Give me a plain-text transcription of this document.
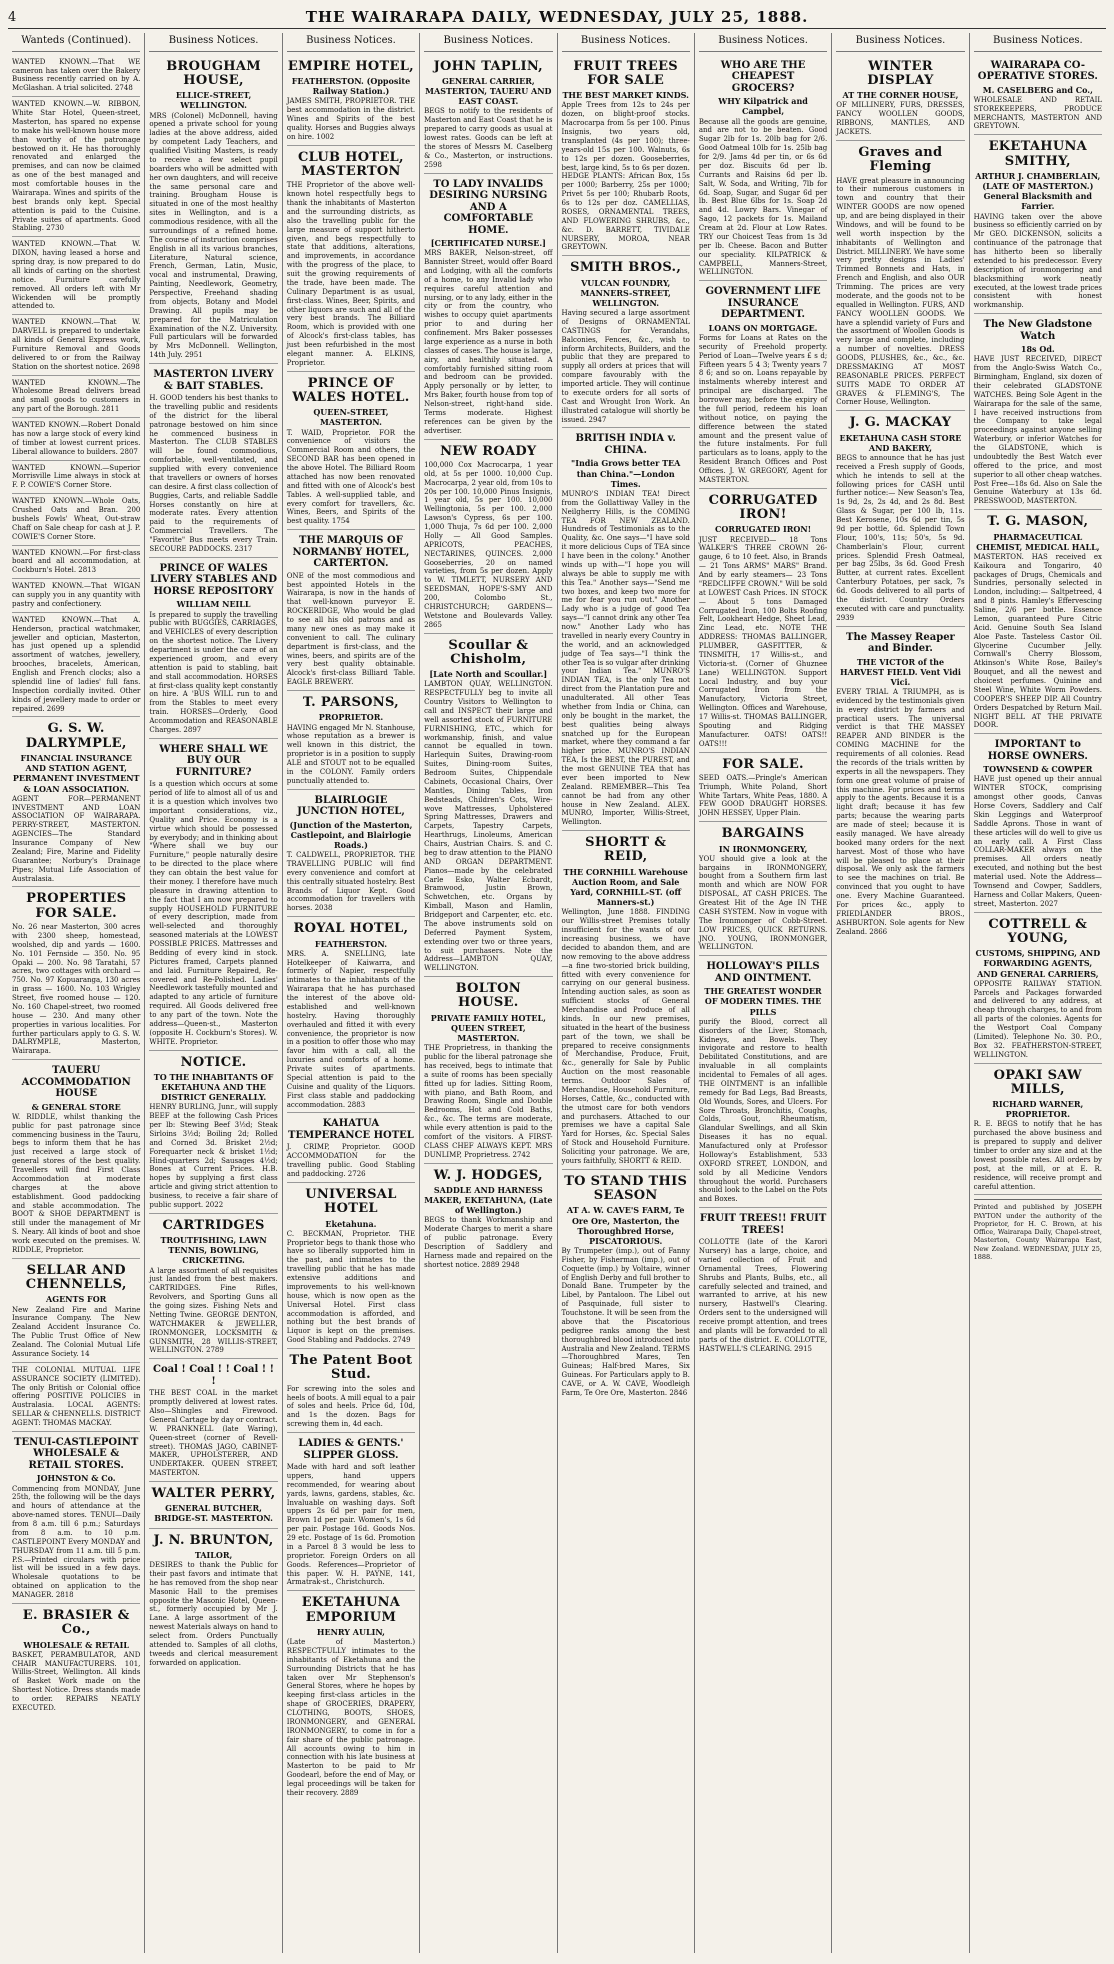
4	THE WAIRARAPA DAILY, WEDNESDAY, JULY 25, 1888.
Wanteds (Continued).

WANTED KNOWN.—That WE cameron has taken over the Bakery Business recently carried on by A. McGlashan. A trial solicited. 2748

WANTED KNOWN.—W. RIBBON, White Star Hotel, Queen-street, Masterton, has spared no expense to make his well-known house more than worthy of the patronage bestowed on it. He has thoroughly renovated and enlarged the premises, and can now be claimed as one of the best managed and most comfortable houses in the Wairarapa. Wines and spirits of the best brands only kept. Special attention is paid to the Cuisine. Private suites of apartments. Good Stabling. 2730

WANTED KNOWN.—That W. DIXON, having leased a horse and spring dray, is now prepared to do all kinds of carting on the shortest notice. Furniture carefully removed. All orders left with Mr Wickenden will be promptly attended to.

WANTED KNOWN.—That W. DARVELL is prepared to undertake all kinds of General Express work, Furniture Removal and Goods delivered to or from the Railway Station on the shortest notice. 2698

WANTED KNOWN.—The Wholesome Bread delivers bread and small goods to customers in any part of the Borough. 2811

WANTED KNOWN.—Robert Donald has now a large stock of every kind of timber at lowest current prices. Liberal allowance to builders. 2807

WANTED KNOWN.—Superior Morrisville Lime always in stock at F. P. COWIE'S Corner Store.

WANTED KNOWN.—Whole Oats, Crushed Oats and Bran. 200 bushels Fowls' Wheat, Out-straw Chaff on Sale cheap for cash at J. P. COWIE'S Corner Store.

WANTED KNOWN.—For first-class board and all accommodation, at Cockburn's Hotel. 2813

WANTED KNOWN.—That WIGAN can supply you in any quantity with pastry and confectionery.

WANTED KNOWN.—That A. Henderson, practical watchmaker, jeweller and optician, Masterton, has just opened up a splendid assortment of watches, jewellery, brooches, bracelets, American, English and French clocks; also a splendid line of ladies' full fans. Inspection cordially invited. Other kinds of jewellery made to order or repaired. 2699

G. S. W. DALRYMPLE,
FINANCIAL INSURANCE AND STATION AGENT, PERMANENT INVESTMENT & LOAN ASSOCIATION.

AGENT FOR—PERMANENT INVESTMENT AND LOAN ASSOCIATION OF WAIRARAPA. PERRY-STREET, MASTERTON. AGENCIES—The Standard Insurance Company of New Zealand; Fire, Marine and Fidelity Guarantee; Norbury's Drainage Pipes; Mutual Life Association of Australasia.

PROPERTIES FOR SALE.

No. 26 near Masterton, 300 acres with 2300 sheep, homestead, woolshed, dip and yards — 1600. No. 101 Fernside — 350. No. 95 Opaki — 200. No. 98 Taratahi, 57 acres, two cottages with orchard — 750. No. 97 Kopuaranga, 130 acres in grass — 1600. No. 103 Wrigley Street, five roomed house — 120. No. 160 Chapel-street, two roomed house — 230. And many other properties in various localities. For further particulars apply to G. S. W. DALRYMPLE, Masterton, Wairarapa.

TAUERU ACCOMMODATION HOUSE
& GENERAL STORE

W. RIDDLE, whilst thanking the public for past patronage since commencing business in the Tauru, begs to inform them that he has just received a large stock of general stores of the best quality. Travellers will find First Class Accommodation at moderate charges at the above establishment. Good paddocking and stable accommodation. The BOOT & SHOE DEPARTMENT is still under the management of Mr S. Neary. All kinds of boot and shoe work executed on the premises. W. RIDDLE, Proprietor.

SELLAR AND CHENNELLS,
AGENTS FOR

New Zealand Fire and Marine Insurance Company. The New Zealand Accident Insurance Co. The Public Trust Office of New Zealand. The Colonial Mutual Life Assurance Society. 14

THE COLONIAL MUTUAL LIFE ASSURANCE SOCIETY (LIMITED). The only British or Colonial office offering POSITIVE POLICIES in Australasia. LOCAL AGENTS: SELLAR & CHENNELLS. DISTRICT AGENT: THOMAS MACKAY.

TENUI-CASTLEPOINT WHOLESALE & RETAIL STORES.
JOHNSTON & Co.

Commencing from MONDAY, June 25th, the following will be the days and hours of attendance at the above-named stores. TENUI—Daily from 8 a.m. till 6 p.m.; Saturdays from 8 a.m. to 10 p.m. CASTLEPOINT Every MONDAY and THURSDAY from 11 a.m. till 5 p.m. P.S.—Printed circulars with price list will be issued in a few days. Wholesale quotations to be obtained on application to the MANAGER. 2818

E. BRASIER & Co.,
WHOLESALE & RETAIL

BASKET, PERAMBULATOR, AND CHAIR MANUFACTURERS. 101, Willis-Street, Wellington. All kinds of Basket Work made on the Shortest Notice. Dress stands made to order. REPAIRS NEATLY EXECUTED.

Business Notices.
BROUGHAM HOUSE,
ELLICE-STREET, WELLINGTON.

MRS (Colonel) McDonnell, having opened a private school for young ladies at the above address, aided by competent Lady Teachers, and qualified Visiting Masters, is ready to receive a few select pupil boarders who will be admitted with her own daughters, and will receive the same personal care and training. Brougham House is situated in one of the most healthy sites in Wellington, and is a commodious residence, with all the surroundings of a refined home. The course of instruction comprises English in all its various branches, Literature, Natural science, French, German, Latin, Music, vocal and instrumental, Drawing, Painting, Needlework, Geometry, Perspective, Freehand shading from objects, Botany and Model Drawing. All pupils may be prepared for the Matriculation Examination of the N.Z. University. Full particulars will be forwarded by Mrs McDonnell. Wellington, 14th July. 2951

MASTERTON LIVERY & BAIT STABLES.

H. GOOD tenders his best thanks to the travelling public and residents of the district for the liberal patronage bestowed on him since he commenced business in Masterton. The CLUB STABLES will be found commodious, comfortable, well-ventilated, and supplied with every convenience that travellers or owners of horses can desire. A first class collection of Buggies, Carts, and reliable Saddle Horses constantly on hire at moderate rates. Every attention paid to the requirements of Commercial Travellers. The "Favorite" Bus meets every Train. SECOURE PADDOCKS. 2317

PRINCE OF WALES LIVERY STABLES AND HORSE REPOSITORY
WILLIAM NEILL

Is prepared to supply the travelling public with BUGGIES, CARRIAGES, and VEHICLES of every description on the shortest notice. The Livery department is under the care of an experienced groom, and every attention is paid to stabling, bait and stall accommodation. HORSES at first-class quality kept constantly on hire. A 'BUS WILL run to and from the Stables to meet every train. HORSES—Orderly, Good Accommodation and REASONABLE Charges. 2897

WHERE SHALL WE BUY OUR FURNITURE?

Is a question which occurs at some period of life to almost all of us and it is a question which involves two important considerations, viz., Quality and Price. Economy is a virtue which should be possessed by everybody; and in thinking about "Where shall we buy our Furniture," people naturally desire to be directed to the place where they can obtain the best value for their money. I therefore have much pleasure in drawing attention to the fact that I am now prepared to supply HOUSEHOLD FURNITURE of every description, made from well-selected and thoroughly seasoned materials at the LOWEST POSSIBLE PRICES. Mattresses and Bedding of every kind in stock. Pictures framed, Carpets planned and laid. Furniture Repaired, Re-covered and Re-Polished. Ladies' Needlework tastefully mounted and adapted to any article of furniture required. All Goods delivered free to any part of the town. Note the address—Queen-st., Masterton (opposite H. Cockburn's Stores). W. WHITE. Proprietor.

NOTICE.
TO THE INHABITANTS OF EKETAHUNA AND THE DISTRICT GENERALLY.

HENRY BURLING, Junr., will supply BEEF at the following Cash Prices per lb: Stewing Beef 3½d; Steak Sirloins 3½d; Boiling 2d; Rolled and Corned 3d. Brisket 2½d; Forequarter neck & brisket 1½d; Hind-quarters 2d; Sausages 4½d; Bones at Current Prices. H.B. hopes by supplying a first class article and giving strict attention to business, to receive a fair share of public support. 2022

CARTRIDGES
TROUTFISHING, LAWN TENNIS, BOWLING, CRICKETING.

A large assortment of all requisites just landed from the best makers. CARTRIDGES. Fine Rifles, Revolvers, and Sporting Guns all the going sizes. Fishing Nets and Netting Twine. GEORGE DENTON, WATCHMAKER & JEWELLER, IRONMONGER, LOCKSMITH & GUNSMITH, 28 WILLIS-STREET, WELLINGTON. 2789

Coal ! Coal ! ! Coal ! ! !

THE BEST COAL in the market promptly delivered at lowest rates. Also—Shingles and Firewood. General Cartage by day or contract. W. PRANKNELL (late Waring), Queen-street (corner of Revell-street). THOMAS JAGO, CABINET-MAKER, UPHOLSTERER, AND UNDERTAKER. QUEEN STREET, MASTERTON.

WALTER PERRY,
GENERAL BUTCHER, BRIDGE-ST. MASTERTON.
J. N. BRUNTON,
TAILOR,

DESIRES to thank the Public for their past favors and intimate that he has removed from the shop near Masonic Hall to the premises opposite the Masonic Hotel, Queen-st., formerly occupied by Mr J. Lane. A large assortment of the newest Materials always on hand to select from. Orders Punctually attended to. Samples of all cloths, tweeds and clerical measurement forwarded on application.

Business Notices.
EMPIRE HOTEL,
FEATHERSTON. (Opposite Railway Station.)

JAMES SMITH, PROPRIETOR. THE best accommodation in the district. Wines and Spirits of the best quality. Horses and Buggies always on hire. 1002

CLUB HOTEL, MASTERTON

THE Proprietor of the above well-known hotel respectfully begs to thank the inhabitants of Masterton and the surrounding districts, as also the travelling public for the large measure of support hitherto given, and begs respectfully to state that additions, alterations, and improvements, in accordance with the progress of the place, to suit the growing requirements of the trade, have been made. The Culinary Department is as usual, first-class. Wines, Beer, Spirits, and other liquors are such and all of the very best brands. The Billiard Room, which is provided with one of Alcock's first-class tables, has just been refurbished in the most elegant manner. A. ELKINS, Proprietor.

PRINCE OF WALES HOTEL.
QUEEN-STREET, MASTERTON.

T. WAID, Proprietor. FOR the convenience of visitors the Commercial Room and others, the SECOND BAR has been opened in the above Hotel. The Billiard Room attached has now been renovated and fitted with one of Alcock's best Tables. A well-supplied table, and every comfort for travellers, &c. Wines, Beers, and Spirits of the best quality. 1754

THE MARQUIS OF NORMANBY HOTEL, CARTERTON.

ONE of the most commodious and best appointed Hotels in the Wairarapa, is now in the hands of that well-known purveyor E. ROCKERIDGE, Who would be glad to see all his old patrons and as many new ones as may make it convenient to call. The culinary department is first-class, and the wines, beers, and spirits are of the very best quality obtainable. Alcock's first-class Billiard Table. EAGLE BREWERY.

T. PARSONS,
PROPRIETOR.

HAVING engaged Mr N. Stanhouse, whose reputation as a brewer is well known in this district, the proprietor is in a position to supply ALE and STOUT not to be equalled in the COLONY. Family orders punctually attended to.

BLAIRLOGIE JUNCTION HOTEL,
(Junction of the Masterton, Castlepoint, and Blairlogie Roads.)

T. CALDWELL, PROPRIETOR. THE TRAVELLING PUBLIC will find every convenience and comfort at this centrally situated hostelry. Best Brands of Liquor Kept. Good accommodation for travellers with horses. 2038

ROYAL HOTEL,
FEATHERSTON.

MRS. A. SNELLING, late Hotelkeeper of Kaiwarra, and formerly of Napier, respectfully intimates to the inhabitants of the Wairarapa that he has purchased the interest of the above old-established and well-known hostelry. Having thoroughly overhauled and fitted it with every convenience, the proprietor is now in a position to offer those who may favor him with a call, all the luxuries and comforts of a home. Private suites of apartments. Special attention is paid to the Cuisine and quality of the Liquors. First class stable and paddocking accommodation. 2883

KAHATUA TEMPERANCE HOTEL

J. CRIMP, Proprietor. GOOD ACCOMMODATION for the travelling public. Good Stabling and paddocking. 2726

UNIVERSAL HOTEL
Eketahuna.

C. BECKMAN, Proprietor. THE Proprietor begs to thank those who have so liberally supported him in the past, and intimates to the travelling public that he has made extensive additions and improvements to his well-known house, which is now open as the Universal Hotel. First class accommodation is afforded, and nothing but the best brands of Liquor is kept on the premises. Good Stabling and Paddocks. 2749

The Patent Boot Stud.

For screwing into the soles and heels of boots. A mill equal to a pair of soles and heels. Price 6d, 10d, and 1s the dozen. Bags for screwing them in, 4d each.

LADIES & GENTS.' SLIPPER GLOSS.

Made with hard and soft leather uppers, hand uppers recommended, for wearing about yards, lawns, gardens, stables, &c. Invaluable on washing days. Soft uppers 2s 6d per pair for men, Brown 1d per pair. Women's, 1s 6d per pair. Postage 16d. Goods Nos. 29 etc. Postage of 1s 6d. Promotion in a Parcel 8 3 would be less to proprietor. Foreign Orders on all Goods. References—Proprietor of this paper. W. H. PAYNE, 141, Armatrak-st., Christchurch.

EKETAHUNA EMPORIUM
HENRY AULIN,

(Late of Masterton.) RESPECTFULLY intimates to the inhabitants of Eketahuna and the Surrounding Districts that he has taken over Mr Stephenson's General Stores, where he hopes by keeping first-class articles in the shape of GROCERIES, DRAPERY, CLOTHING, BOOTS, SHOES, IRONMONGERY, and GENERAL IRONMONGERY, to come in for a fair share of the public patronage. All accounts owing to him in connection with his late business at Masterton to be paid to Mr Goodearl, before the end of May, or legal proceedings will be taken for their recovery. 2889

Business Notices.
JOHN TAPLIN,
GENERAL CARRIER, MASTERTON, TAUERU AND EAST COAST.

BEGS to notify to the residents of Masterton and East Coast that he is prepared to carry goods as usual at lowest rates. Goods can be left at the stores of Messrs M. Caselberg & Co., Masterton, or instructions. 2598

TO LADY INVALIDS DESIRING NURSING AND A COMFORTABLE HOME.
[CERTIFICATED NURSE.]

MRS BAKER, Nelson-street, off Bannister Street, would offer Board and Lodging, with all the comforts of a home, to any Invalid lady who requires careful attention and nursing, or to any lady, either in the city or from the country, who wishes to occupy quiet apartments prior to and during her confinement. Mrs Baker possesses large experience as a nurse in both classes of cases. The house is large, airy, and healthily situated. A comfortably furnished sitting room and bedroom can be provided. Apply personally or by letter, to Mrs Baker, fourth house from top of Nelson-street, right-hand side. Terms moderate. Highest references can be given by the advertiser.

NEW ROADY

100,000 Cox Macrocarpa, 1 year old, at 5s per 1000. 10,000 Cup. Macrocarpa, 2 year old, from 10s to 20s per 100. 10,000 Pinus Insignis, 1 year old, 5s per 100. 10,000 Wellingtonia, 5s per 100. 2,000 Lawson's Cypress, 6s per 100. 1,000 Thuja, 7s 6d per 100. 2,000 Holly — All Good Samples. APRICOTS, PEACHES, NECTARINES, QUINCES. 2,000 Gooseberries, 20 on named varieties, from 5s per dozen. Apply to W. TIMLETT, NURSERY AND SEEDSMAN, HOPE'S-SMY AND 200, Colombo St., CHRISTCHURCH; GARDENS—Wetstone and Boulevards Valley. 2865

Scoullar & Chisholm,
[Late North and Scoullar.]

LAMBTON QUAY, WELLINGTON. RESPECTFULLY beg to invite all Country Visitors to Wellington to call and INSPECT their large and well assorted stock of FURNITURE FURNISHING, ETC., which for workmanship, finish, and value cannot be equalled in town. Harlequin Suites, Drawing-room Suites, Dining-room Suites, Bedroom Suites, Chippendale Cabinets, Occasional Chairs, Over Mantles, Dining Tables, Iron Bedsteads, Children's Cots, Wire-wove Mattresses, Upholstered Spring Mattresses, Drawers and Carpets, Tapestry Carpets, Hearthrugs, Linoleums, American Chairs, Austrian Chairs. S. and C. beg to draw attention to the PIANO AND ORGAN DEPARTMENT. Pianos—made by the celebrated Carle Esko, Walter Ecbardt, Bramwood, Justin Brown, Schwetchen, etc. Organs by Kimball, Mason and Hamlin, Bridgeport and Carpenter, etc. etc. The above instruments sold on Deferred Payment System, extending over two or three years, to suit purchasers. Note the Address—LAMBTON QUAY, WELLINGTON.

BOLTON HOUSE.
PRIVATE FAMILY HOTEL, QUEEN STREET, MASTERTON.

THE Proprietress, in thanking the public for the liberal patronage she has received, begs to intimate that a suite of rooms has been specially fitted up for ladies. Sitting Room, with piano, and Bath Room, and Drawing Room, Single and Double Bedrooms, Hot and Cold Baths, &c., &c. The terms are moderate, while every attention is paid to the comfort of the visitors. A FIRST-CLASS CHEF ALWAYS KEPT. MRS DUNLIMP, Proprietress. 2742

W. J. HODGES,
SADDLE AND HARNESS MAKER, EKETAHUNA, (Late of Wellington.)

BEGS to thank Workmanship and Moderate Charges to merit a share of public patronage. Every Description of Saddlery and Harness made and repaired on the shortest notice. 2889 2948

Business Notices.
FRUIT TREES FOR SALE
THE BEST MARKET KINDS.

Apple Trees from 12s to 24s per dozen, on blight-proof stocks. Macrocarpa from 5s per 100. Pinus Insignis, two years old, transplanted (4s per 100); three-years-old 15s per 100. Walnuts, 6s to 12s per dozen. Gooseberries, best, large kind, 5s to 6s per dozen. HEDGE PLANTS: African Box, 15s per 1000; Barberry, 25s per 1000; Privet 5s per 100; Rhubarb Roots, 6s to 12s per doz. CAMELLIAS, ROSES, ORNAMENTAL TREES, AND FLOWERING SHRUBS, &c., &c. D. BARRETT, TIVIDALE NURSERY, MOROA, NEAR GREYTOWN.

SMITH BROS.,
VULCAN FOUNDRY, MANNERS-STREET, WELLINGTON.

Having secured a large assortment of Designs of ORNAMENTAL CASTINGS for Verandahs, Balconies, Fences, &c., wish to inform Architects, Builders, and the public that they are prepared to supply all orders at prices that will compare favourably with the imported article. They will continue to execute orders for all sorts of Cast and Wrought Iron Work. An illustrated catalogue will shortly be issued. 2947

BRITISH INDIA v. CHINA.
"India Grows better TEA than China."—London Times.

MUNRO'S INDIAN TEA! Direct from the Gollattiway Valley in the Neilgherry Hills, is the COMING TEA FOR NEW ZEALAND. Hundreds of Testimonials as to the Quality, &c. One says—"I have sold it more delicious Cups of TEA since I have been in the colony." Another winds up with—"I hope you will always be able to supply me with this Tea." Another says—"Send me two boxes, and keep two more for me for fear you run out." Another Lady who is a judge of good Tea says—"I cannot drink any other Tea now." Another Lady who has travelled in nearly every Country in the world, and an acknowledged judge of Tea says—"I think the other Tea is so vulgar after drinking your Indian Tea." MUNRO'S INDIAN TEA, is the only Tea not direct from the Plantation pure and unadulterated. All other Teas whether from India or China, can only be bought in the market, the best qualities being always snatched up for the European market, where they command a far higher price. MUNRO'S INDIAN TEA, Is the BEST, the PUREST, and the most GENUINE TEA that has ever been imported to New Zealand. REMEMBER—This Tea cannot be had from any other house in New Zealand. ALEX. MUNRO, Importer, Willis-Street, Wellington.

SHORTT & REID,
THE CORNHILL Warehouse Auction Room, and Sale Yard, CORNHILL-ST. (off Manners-st.)

Wellington, June 1888. FINDING our Willis-street Premises totally insufficient for the wants of our increasing business, we have decided to abandon them, and are now removing to the above address—a fine two-storied brick building, fitted with every convenience for carrying on our general business. Intending auction sales, as soon as sufficient stocks of General Merchandise and Produce of all kinds. In our new premises, situated in the heart of the business part of the town, we shall be prepared to receive consignments of Merchandise, Produce, Fruit, &c., generally for Sale by Public Auction on the most reasonable terms. Outdoor Sales of Merchandise, Household Furniture, Horses, Cattle, &c., conducted with the utmost care for both vendors and purchasers. Attached to our premises we have a capital Sale Yard for Horses, &c. Special Sales of Stock and Household Furniture. Soliciting your patronage. We are, yours faithfully, SHORTT & REID.

TO STAND THIS SEASON
AT A. W. CAVE'S FARM, Te Ore Ore, Masterton, the Thoroughbred Horse, PISCATORIOUS.

By Trumpeter (imp.), out of Fanny Fisher, by Fisherman (imp.), out of Coquette (imp.) by Voltaire, winner of English Derby and full brother to Donald Bane. Trumpeter by the Libel, by Pantaloon. The Libel out of Pasquinade, full sister to Touchstone. It will be seen from the above that the Piscatorious pedigree ranks among the best thoroughbred blood introduced into Australia and New Zealand. TERMS—Thoroughbred Mares, Ten Guineas; Half-bred Mares, Six Guineas. For Particulars apply to B. CAVE, or A. W. CAVE, Woodleigh Farm, Te Ore Ore, Masterton. 2846

Business Notices.
WHO ARE THE CHEAPEST GROCERS?
WHY Kilpatrick and Campbel,

Because all the goods are genuine, and are not to be beaten. Good Sugar 2lb for 1s. 20lb bag for 2/6. Good Oatmeal 10lb for 1s. 25lb bag for 2/9. Jams 4d per tin, or 6s 6d per doz. Biscuits 6d per lb. Currants and Raisins 6d per lb. Salt, W. Soda, and Writing, 7lb for 6d. Soap, Sugar, and Sugar 6d per lb. Best Blue 6lbs for 1s. Soap 2d and 4d. Lowry Bars. Vinegar of Sago, 12 packets for 1s. Mailand Cream at 2d. Flour at Low Rates. TRY our Choicest Teas from 1s 3d per lb. Cheese. Bacon and Butter our speciality. KILPATRICK & CAMPBELL, Manners-Street, WELLINGTON.

GOVERNMENT LIFE INSURANCE DEPARTMENT.
LOANS ON MORTGAGE.

Forms for Loans at Rates on the security of Freehold property. Period of Loan—Twelve years £ s d; Fifteen years 5 4 3; Twenty years 7 8 6; and so on. Loans repayable by instalments whereby interest and principal are discharged. The borrower may, before the expiry of the full period, redeem his loan without notice, on paying the difference between the stated amount and the present value of the future instalments. For full particulars as to loans, apply to the Resident Branch Offices and Post Offices. J. W. GREGORY, Agent for MASTERTON.

CORRUGATED IRON!
CORRUGATED IRON!

JUST RECEIVED— 18 Tons WALKER'S THREE CROWN 26-gauge, 6 to 10 feet. Also, in Brands— 21 Tons ARMS" MARS" Brand. And by early steamers— 23 Tons "REDCLIFFE CROWN." Will be sold at LOWEST Cash Prices. IN STOCK— About 5 tons Damaged Corrugated Iron, 100 Bolts Roofing Felt, Lookheart Hedge, Sheet Lead, Zinc Lead, etc. NOTE THE ADDRESS: THOMAS BALLINGER, PLUMBER, GASFITTER, & TINSMITH, 17 Willis-st., and Victoria-st. (Corner of Ghuznee Lane) WELLINGTON. Support Local Industry, and buy your Corrugated Iron from the Manufactory, Victoria Street, Wellington. Offices and Warehouse, 17 Willis-st. THOMAS BALLINGER, Spouting and Ridging Manufacturer. OATS! OATS!! OATS!!!

FOR SALE.

SEED OATS.—Pringle's American Triumph, White Poland, Short White Tartars, White Peas, 1880. A FEW GOOD DRAUGHT HORSES. JOHN HESSEY, Upper Plain.

BARGAINS
IN IRONMONGERY,

YOU should give a look at the bargains in IRONMONGERY, bought from a Southern firm last month and which are NOW FOR DISPOSAL, AT CASH PRICES. The Greatest Hit of the Age IN THE CASH SYSTEM. Now in vogue with The Ironmonger of Cobb-Street. LOW PRICES, QUICK RETURNS. JNO. YOUNG, IRONMONGER, WELLINGTON.

HOLLOWAY'S PILLS AND OINTMENT.
THE GREATEST WONDER OF MODERN TIMES. THE PILLS

purify the Blood, correct all disorders of the Liver, Stomach, Kidneys, and Bowels. They invigorate and restore to health Debilitated Constitutions, and are invaluable in all complaints incidental to Females of all ages. THE OINTMENT is an infallible remedy for Bad Legs, Bad Breasts, Old Wounds, Sores, and Ulcers. For Sore Throats, Bronchitis, Coughs, Colds, Gout, Rheumatism, Glandular Swellings, and all Skin Diseases it has no equal. Manufactured only at Professor Holloway's Establishment, 533 OXFORD STREET, LONDON, and sold by all Medicine Vendors throughout the world. Purchasers should look to the Label on the Pots and Boxes.

FRUIT TREES!! FRUIT TREES!

COLLOTTE (late of the Karori Nursery) has a large, choice, and varied collection of Fruit and Ornamental Trees, Flowering Shrubs and Plants, Bulbs, etc., all carefully selected and trained, and warranted to arrive, at his new nursery, Hastwell's Clearing. Orders sent to the undersigned will receive prompt attention, and trees and plants will be forwarded to all parts of the district. E. COLLOTTE, HASTWELL'S CLEARING. 2915

Business Notices.
WINTER DISPLAY
AT THE CORNER HOUSE,

OF MILLINERY, FURS, DRESSES, FANCY WOOLLEN GOODS, RIBBONS, MANTLES, AND JACKETS.

Graves and Fleming

HAVE great pleasure in announcing to their numerous customers in town and country that their WINTER GOODS are now opened up, and are being displayed in their Windows, and will be found to be well worth inspection by the inhabitants of Wellington and District. MILLINERY. We have some very pretty designs in Ladies' Trimmed Bonnets and Hats, in French and English, and also OUR Trimming. The prices are very moderate, and the goods not to be equalled in Wellington. FURS, AND FANCY WOOLLEN GOODS. We have a splendid variety of Furs and the assortment of Woollen Goods is very large and complete, including a number of novelties. DRESS GOODS, PLUSHES, &c., &c., &c. DRESSMAKING AT MOST REASONABLE PRICES. PERFECT SUITS MADE TO ORDER AT GRAVES & FLEMING'S, The Corner House, Wellington.

J. G. MACKAY
EKETAHUNA CASH STORE AND BAKERY,

BEGS to announce that he has just received a Fresh supply of Goods, which he intends to sell at the following prices for CASH until further notice:— New Season's Tea, 1s 9d, 2s, 2s 4d, and 2s 8d. Best Glass & Sugar, per 100 lb, 11s. Best Kerosene, 10s 6d per tin, 5s 9d per bottle, 6d. Splendid Town Flour, 100's, 11s; 50's, 5s 9d. Chamberlain's Flour, current prices. Splendid Fresh Oatmeal, per bag 25lbs, 3s 6d. Good Fresh Butter, at current rates. Excellent Canterbury Potatoes, per sack, 7s 6d. Goods delivered to all parts of the district. Country Orders executed with care and punctuality. 2939

The Massey Reaper and Binder.
THE VICTOR of the HARVEST FIELD. Vent Vidi Vici.

EVERY TRIAL A TRIUMPH, as is evidenced by the testimonials given in every district by farmers and practical users. The universal verdict is that THE MASSEY REAPER AND BINDER is the COMING MACHINE for the requirements of all colonies. Read the records of the trials written by experts in all the newspapers. They form one great volume of praise of this machine. For prices and terms apply to the agents. Because it is a light draft; because it has few parts; because the wearing parts are made of steel; because it is easily managed. We have already booked many orders for the next harvest. Most of those who have will be pleased to place at their disposal. We only ask the farmers to see the machines on trial. Be convinced that you ought to have one. Every Machine Guaranteed. For prices &c., apply to FRIEDLANDER BROS., ASHBURTON. Sole agents for New Zealand. 2866

Business Notices.
WAIRARAPA CO-OPERATIVE STORES.
M. CASELBERG and Co.,

WHOLESALE AND RETAIL STOREKEEPERS, PRODUCE MERCHANTS, MASTERTON AND GREYTOWN.

EKETAHUNA SMITHY,
ARTHUR J. CHAMBERLAIN, (LATE OF MASTERTON.) General Blacksmith and Farrier.

HAVING taken over the above business so efficiently carried on by Mr GEO. DICKENSON, solicits a continuance of the patronage that has hitherto been so liberally extended to his predecessor. Every description of ironmongering and blacksmithing work neatly executed, at the lowest trade prices consistent with honest workmanship.

The New Gladstone Watch
18s Od.

HAVE JUST RECEIVED, DIRECT from the Anglo-Swiss Watch Co., Birmingham, England, six dozen of their celebrated GLADSTONE WATCHES. Being Sole Agent in the Wairarapa for the sale of the same, I have received instructions from the Company to take legal proceedings against anyone selling Waterbury, or inferior Watches for the GLADSTONE, which is undoubtedly the Best Watch ever offered to the price, and most superior to all other cheap watches. Post Free—18s 6d. Also on Sale the Genuine Waterbury at 13s 6d. PRESSWOOD, MASTERTON.

T. G. MASON,
PHARMACEUTICAL CHEMIST, MEDICAL HALL,

MASTERTON. HAS received ex Kaikoura and Tongariro, 40 packages of Drugs, Chemicals and Sundries, personally selected in London, including:— Saltpetreed, 4 and 8 pints. Hamley's Effervescing Saline, 2/6 per bottle. Essence Lemon, guaranteed Pure Citric Acid. Genuine South Sea Island Aloe Paste. Tasteless Castor Oil. Glycerine Cucumber Jelly. Cornwall's Cherry Blossom, Atkinson's White Rose, Bailey's Bouquet, and all the newest and choicest perfumes. Quinine and Steel Wine, White Worm Powders. COOPER'S SHEEP DIP. All Country Orders Despatched by Return Mail. NIGHT BELL AT THE PRIVATE DOOR.

IMPORTANT to HORSE OWNERS.
TOWNSEND & COWPER

HAVE just opened up their annual WINTER STOCK, comprising amongst other goods, Canvas Horse Covers, Saddlery and Calf Skin Leggings and Waterproof Saddle Aprons. Those in want of these articles will do well to give us an early call. A First Class COLLAR-MAKER always on the premises. All orders neatly executed, and nothing but the best material used. Note the Address—Townsend and Cowper, Saddlers, Harness and Collar Makers, Queen-street, Masterton. 2027

COTTRELL & YOUNG,
CUSTOMS, SHIPPING, AND FORWARDING AGENTS, AND GENERAL CARRIERS,

OPPOSITE RAILWAY STATION. Parcels and Packages forwarded and delivered to any address, at cheap through charges, to and from all parts of the colonies. Agents for the Westport Coal Company (Limited). Telephone No. 30. P.O., Box 32. FEATHERSTON-STREET, WELLINGTON.

OPAKI SAW MILLS,
RICHARD WARNER, PROPRIETOR.

R. E. BEGS to notify that he has purchased the above business and is prepared to supply and deliver timber to order any size and at the lowest possible rates. All orders by post, at the mill, or at E. R. residence, will receive prompt and careful attention.

Printed and published by JOSEPH PAYTON under the authority of the Proprietor, for H. C. Brown, at his Office, Wairarapa Daily, Chapel-street, Masterton, County Wairarapa East, New Zealand. WEDNESDAY, JULY 25, 1888.
